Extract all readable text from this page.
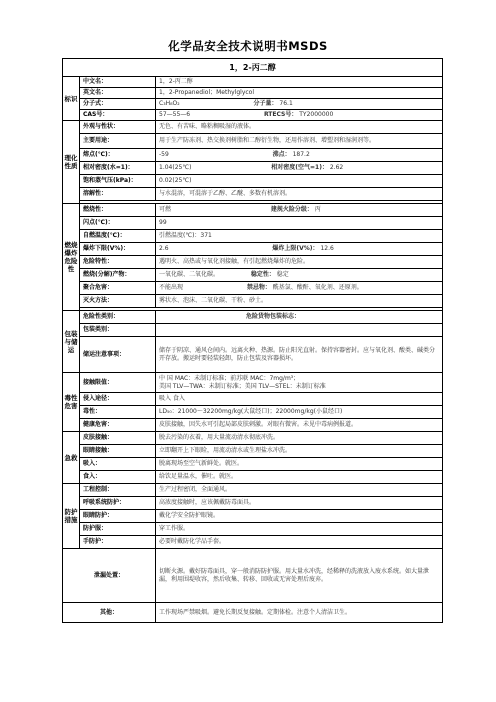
化学品安全技术说明书MSDS
1，2-丙二醇		
标识	中文名：	1，2-丙二醇
	英文名：	1，2-Propanediol；Methylglycol
	分子式：	C₃H₈O₂ 分子量： 76.1
	CAS号：	57—55—6 RTECS号： TY2000000
理化性质	外观与性状：	无色、有苦味、略粘稠吸湿的液体。
	主要用途：	用于生产防冻剂、热交换剂树脂和二醇衍生物，还用作溶剂、增塑剂和湿润剂等。
	熔点(℃)：	-59 沸点： 187.2
	相对密度(水=1)：	1.04(25℃) 相对密度(空气=1)： 2.62
	饱和蒸气压(kPa)：	0.02(25℃)
	溶解性：	与水混溶，可混溶于乙醇、乙醚、多数有机溶剂。

燃烧爆炸危险性	燃烧性：	可燃 建规火险分级： 丙
	闪点(℃)：	99
	自燃温度(℃)：	引燃温度(℃)：371
	爆炸下限(V%)：	2.6 爆炸上限(V%)： 12.6
	危险特性：	遇明火、高热或与氧化剂接触，有引起燃烧爆炸的危险。
	燃烧(分解)产物：	一氧化碳、二氧化碳。 稳定性： 稳定
	聚合危害：	不能出现 禁忌物： 酰基氯、酸酐、氧化剂、还原剂。
	灭火方法：	雾状水、泡沫、二氧化碳、干粉、砂土。

包装与储运	危险性类别：	危险货物包装标志：
	包装类别：	
	储运注意事项：	储存于阴凉、通风仓间内。远离火种、热源。防止阳光直射。保持容器密封。应与氧化剂、酸类、碱类分开存放。搬运时要轻装轻卸，防止包装及容器损坏。
毒性危害	接触限值：	中 国 MAC：未制订标准；前苏联 MAC：7mg/m³；
美国 TLV—TWA：未制订标准；美国 TLV—STEL：未制订标准

	侵入途径：	吸入 食入
	毒性：	LD₅₀：21000～32200mg/kg(大鼠经口)；22000mg/kg(小鼠经口)
	健康危害：	皮肤接触，因失水可引起局部皮肤刺激。对眼有微害。未见中毒病例报道。
急救	皮肤接触：	脱去污染的衣着，用大量流动清水彻底冲洗。
	眼睛接触：	立即翻开上下眼睑，用流动清水或生理盐水冲洗。
	吸入：	脱离现场至空气新鲜处。就医。
	食入：	给饮足量温水，催吐。就医。
防护措施	工程控制：	生产过程密闭，全面通风。
	呼吸系统防护：	高浓度接触时，应该佩戴防毒面具。
	眼睛防护：	戴化学安全防护眼镜。
	防护服：	穿工作服。
	手防护：	必要时戴防化学品手套。
泄漏处置：		切断火源。戴好防毒面具，穿一般消防防护服。用大量水冲洗，经稀释的洗液放入废水系统。如大量泄漏，利用围堤收容，然后收集、转移、回收或无害处理后废弃。
其他：		工作现场严禁吸烟。避免长期反复接触。定期体检。注意个人清洁卫生。
